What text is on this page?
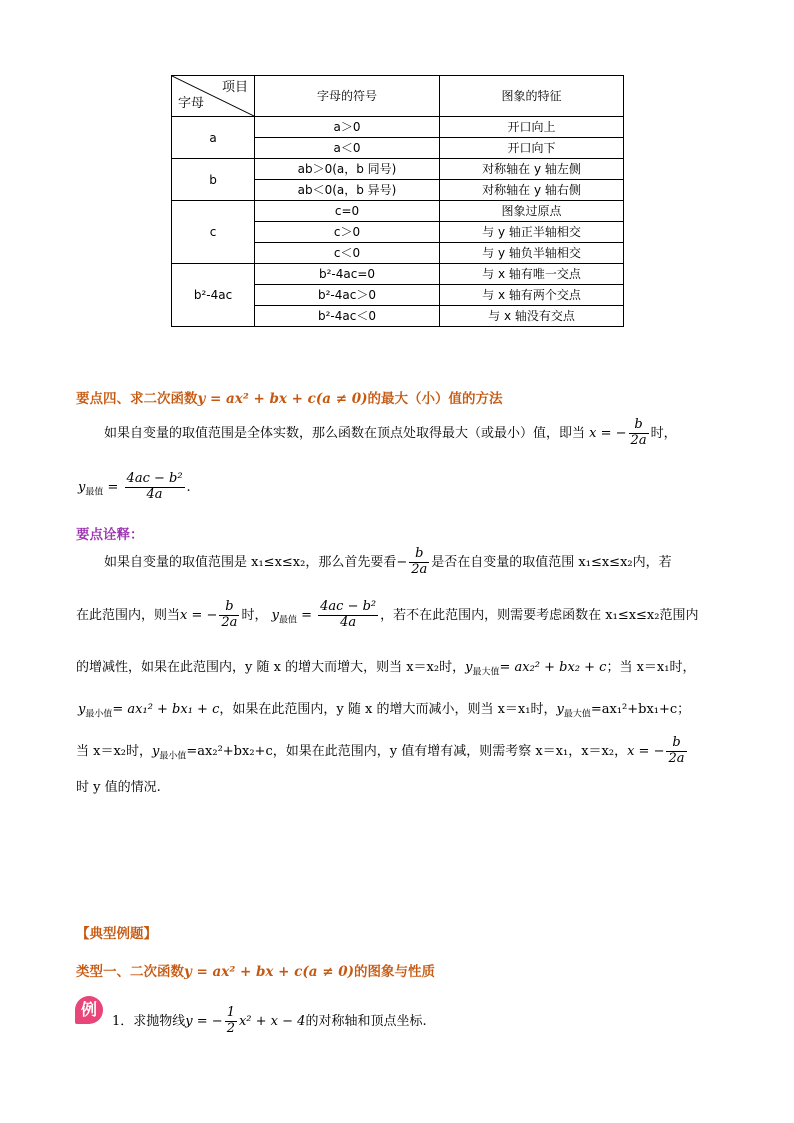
项目
字母	字母的符号	图象的特征
a	a＞0	开口向上
	a＜0	开口向下
b	ab＞0(a，b 同号)	对称轴在 y 轴左侧
	ab＜0(a，b 异号)	对称轴在 y 轴右侧
c	c=0	图象过原点
	c＞0	与 y 轴正半轴相交
	c＜0	与 y 轴负半轴相交
b²-4ac	b²-4ac=0	与 x 轴有唯一交点
	b²-4ac＞0	与 x 轴有两个交点
	b²-4ac＜0	与 x 轴没有交点
要点四、求二次函数y = ax² + bx + c(a ≠ 0)的最大（小）值的方法
如果自变量的取值范围是全体实数，那么函数在顶点处取得最大（或最小）值，即当 x = − $\frac{b}{2a}$ 时，
$y_{最值} = \frac{\text{4ac − b²}}{4a}$ .
要点诠释：
如果自变量的取值范围是 x₁≤x≤x₂，那么首先要看− $\frac{b}{2a}$ 是否在自变量的取值范围 x₁≤x≤x₂内，若
在此范围内，则当x = − $\frac{b}{2a}$ 时， $y_{最值} = \frac{\text{4ac − b²}}{4a}$ ，若不在此范围内，则需要考虑函数在 x₁≤x≤x₂范围内
的增减性，如果在此范围内，y 随 x 的增大而增大，则当 x＝x₂时，$y_{最大值}= ax_2^2 + bx_2 + c$；当 x＝x₁时，
$y_{最小值}= ax_1^2 + bx_1 + c$，如果在此范围内，y 随 x 的增大而减小，则当 x＝x₁时，$y_{最大值}=ax_1^2+bx_1+c$；
当 x＝x₂时，$y_{最小值}=ax_2^2+bx_2+c$，如果在此范围内，y 值有增有减，则需考察 x＝x₁，x＝x₂，x = − $\frac{b}{2a}$
时 y 值的情况.
【典型例题】
类型一、二次函数y = ax² + bx + c(a ≠ 0)的图象与性质
例
1．求抛物线y = − $\frac{1}{2} x^2 + x - 4$的对称轴和顶点坐标.
